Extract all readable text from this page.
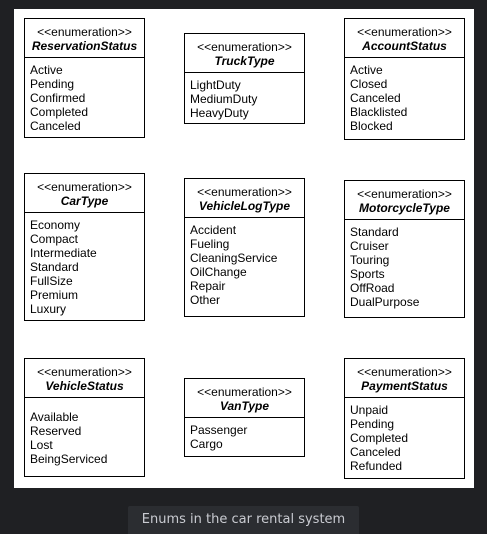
<<enumeration>>
ReservationStatus
Active
Pending
Confirmed
Completed
Canceled
<<enumeration>>
TruckType
LightDuty
MediumDuty
HeavyDuty
<<enumeration>>
AccountStatus
Active
Closed
Canceled
Blacklisted
Blocked
<<enumeration>>
CarType
Economy
Compact
Intermediate
Standard
FullSize
Premium
Luxury
<<enumeration>>
VehicleLogType
Accident
Fueling
CleaningService
OilChange
Repair
Other
<<enumeration>>
MotorcycleType
Standard
Cruiser
Touring
Sports
OffRoad
DualPurpose
<<enumeration>>
VehicleStatus
Available
Reserved
Lost
BeingServiced
<<enumeration>>
VanType
Passenger
Cargo
<<enumeration>>
PaymentStatus
Unpaid
Pending
Completed
Canceled
Refunded
Enums in the car rental system
